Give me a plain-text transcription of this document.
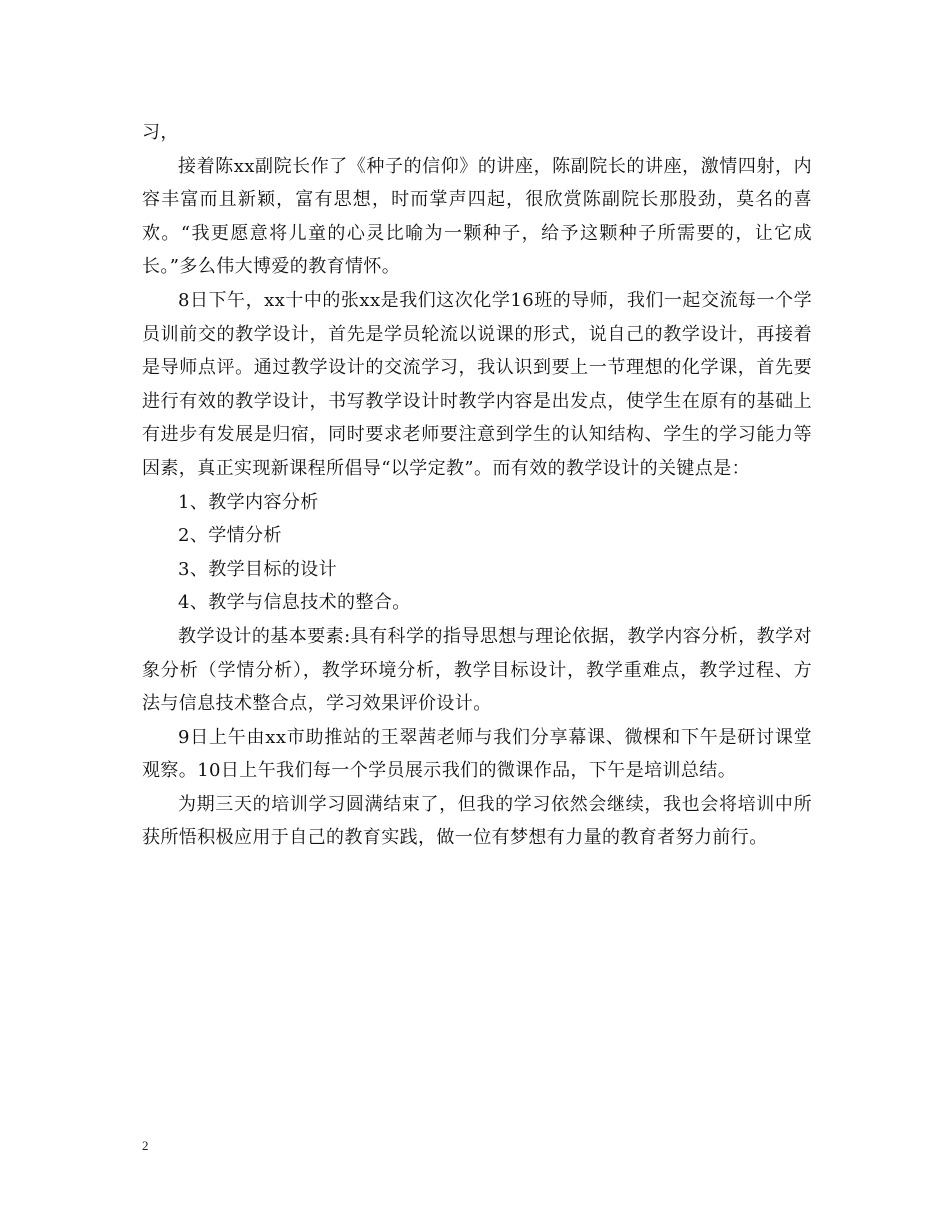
习，

接着陈xx副院长作了《种子的信仰》的讲座，陈副院长的讲座，激情四射，内容丰富而且新颖，富有思想，时而掌声四起，很欣赏陈副院长那股劲，莫名的喜欢。“我更愿意将儿童的心灵比喻为一颗种子，给予这颗种子所需要的，让它成长。”多么伟大博爱的教育情怀。

8日下午，xx十中的张xx是我们这次化学16班的导师，我们一起交流每一个学员训前交的教学设计，首先是学员轮流以说课的形式，说自己的教学设计，再接着是导师点评。通过教学设计的交流学习，我认识到要上一节理想的化学课，首先要进行有效的教学设计，书写教学设计时教学内容是出发点，使学生在原有的基础上有进步有发展是归宿，同时要求老师要注意到学生的认知结构、学生的学习能力等因素，真正实现新课程所倡导“以学定教”。而有效的教学设计的关键点是：

1、教学内容分析

2、学情分析

3、教学目标的设计

4、教学与信息技术的整合。

教学设计的基本要素:具有科学的指导思想与理论依据，教学内容分析，教学对象分析（学情分析），教学环境分析，教学目标设计，教学重难点，教学过程、方法与信息技术整合点，学习效果评价设计。

9日上午由xx市助推站的王翠茜老师与我们分享幕课、微棵和下午是研讨课堂观察。10日上午我们每一个学员展示我们的微课作品，下午是培训总结。

为期三天的培训学习圆满结束了，但我的学习依然会继续，我也会将培训中所获所悟积极应用于自己的教育实践，做一位有梦想有力量的教育者努力前行。

2
